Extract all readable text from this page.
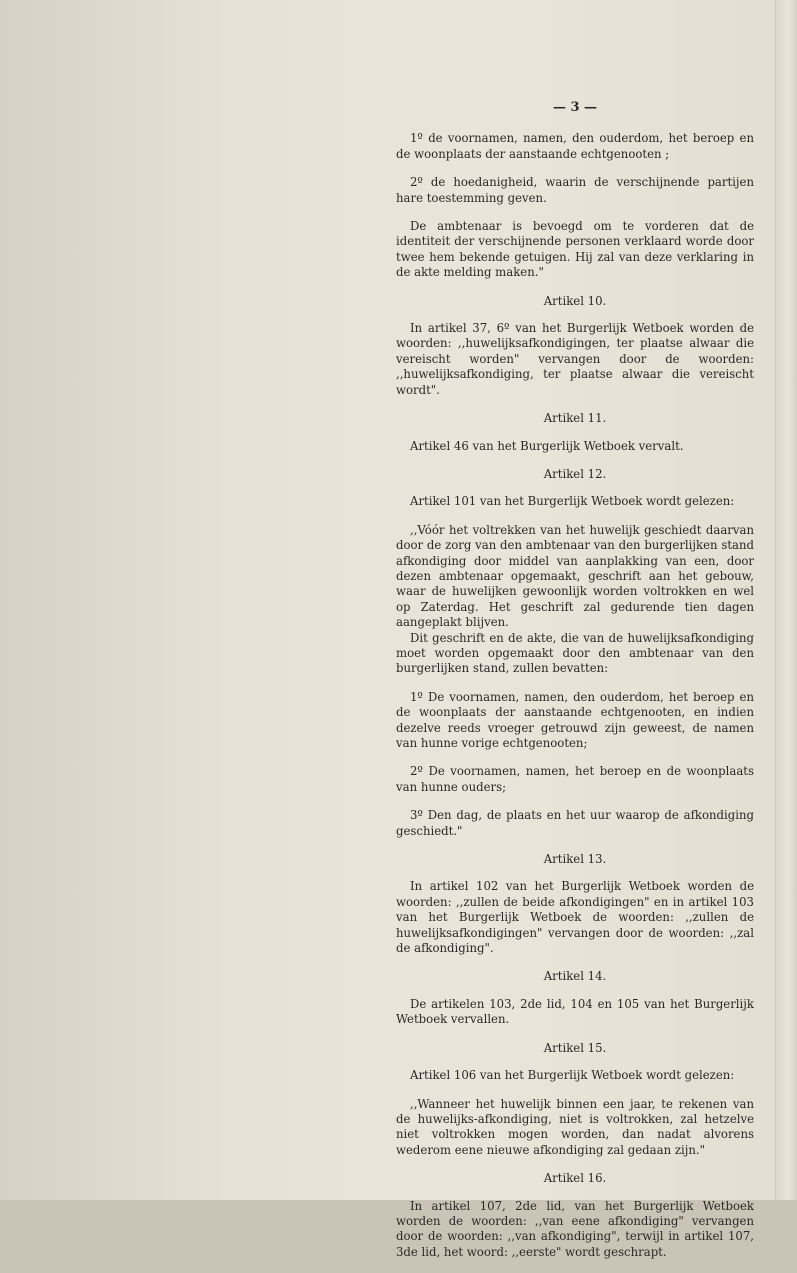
— 3 —
1º de voornamen, namen, den ouderdom, het beroep en de woonplaats der aanstaande echtgenooten ;
2º de hoedanigheid, waarin de verschijnende partijen hare toestemming geven.
De ambtenaar is bevoegd om te vorderen dat de identiteit der verschijnende personen verklaard worde door twee hem bekende getuigen. Hij zal van deze verklaring in de akte melding maken."
Artikel 10.
In artikel 37, 6º van het Burgerlijk Wetboek worden de woorden: ,,huwelijksafkondigingen, ter plaatse alwaar die vereischt worden" vervangen door de woorden: ,,huwelijksafkondiging, ter plaatse alwaar die vereischt wordt".
Artikel 11.
Artikel 46 van het Burgerlijk Wetboek vervalt.
Artikel 12.
Artikel 101 van het Burgerlijk Wetboek wordt gelezen:
,,Vóór het voltrekken van het huwelijk geschiedt daarvan door de zorg van den ambtenaar van den burgerlijken stand afkondiging door middel van aanplakking van een, door dezen ambtenaar opgemaakt, geschrift aan het gebouw, waar de huwelijken gewoonlijk worden voltrokken en wel op Zaterdag. Het geschrift zal gedurende tien dagen aangeplakt blijven.
Dit geschrift en de akte, die van de huwelijksafkondiging moet worden opgemaakt door den ambtenaar van den burgerlijken stand, zullen bevatten:
1º De voornamen, namen, den ouderdom, het beroep en de woonplaats der aanstaande echtgenooten, en indien dezelve reeds vroeger getrouwd zijn geweest, de namen van hunne vorige echtgenooten;
2º De voornamen, namen, het beroep en de woonplaats van hunne ouders;
3º Den dag, de plaats en het uur waarop de afkondiging geschiedt."
Artikel 13.
In artikel 102 van het Burgerlijk Wetboek worden de woorden: ,,zullen de beide afkondigingen" en in artikel 103 van het Burgerlijk Wetboek de woorden: ,,zullen de huwelijksafkondigingen" vervangen door de woorden: ,,zal de afkondiging".
Artikel 14.
De artikelen 103, 2de lid, 104 en 105 van het Burgerlijk Wetboek vervallen.
Artikel 15.
Artikel 106 van het Burgerlijk Wetboek wordt gelezen:
,,Wanneer het huwelijk binnen een jaar, te rekenen van de huwelijks-afkondiging, niet is voltrokken, zal hetzelve niet voltrokken mogen worden, dan nadat alvorens wederom eene nieuwe afkondiging zal gedaan zijn."
Artikel 16.
In artikel 107, 2de lid, van het Burgerlijk Wetboek worden de woorden: ,,van eene afkondiging" vervangen door de woorden: ,,van afkondiging", terwijl in artikel 107, 3de lid, het woord: ,,eerste" wordt geschrapt.
